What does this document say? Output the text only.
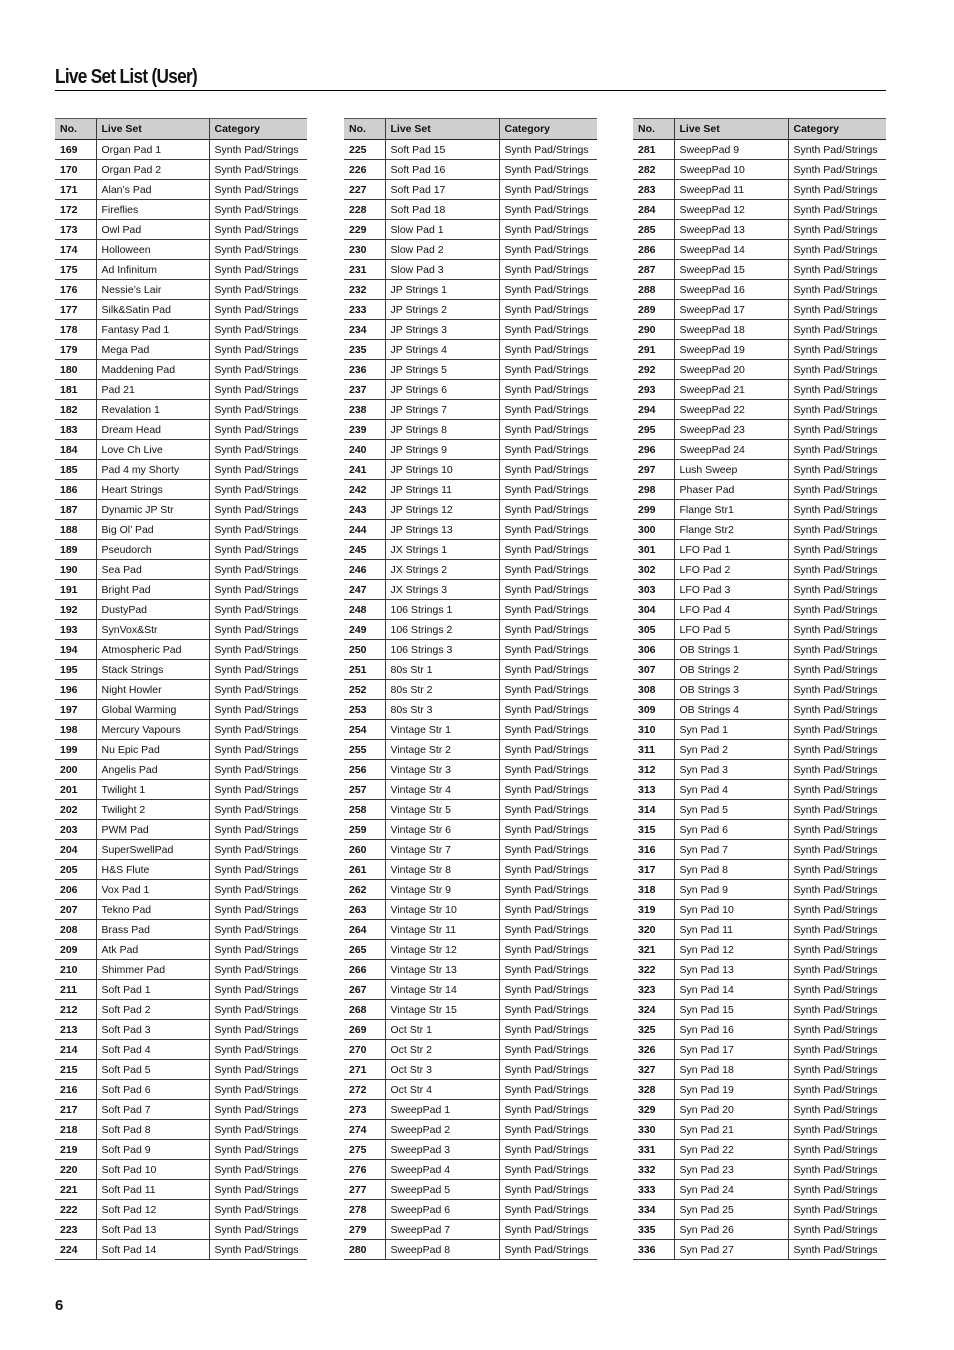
Live Set List (User)
No.	Live Set	Category
169	Organ Pad 1	Synth Pad/Strings
170	Organ Pad 2	Synth Pad/Strings
171	Alan’s Pad	Synth Pad/Strings
172	Fireflies	Synth Pad/Strings
173	Owl Pad	Synth Pad/Strings
174	Holloween	Synth Pad/Strings
175	Ad Infinitum	Synth Pad/Strings
176	Nessie’s Lair	Synth Pad/Strings
177	Silk&Satin Pad	Synth Pad/Strings
178	Fantasy Pad 1	Synth Pad/Strings
179	Mega Pad	Synth Pad/Strings
180	Maddening Pad	Synth Pad/Strings
181	Pad 21	Synth Pad/Strings
182	Revalation 1	Synth Pad/Strings
183	Dream Head	Synth Pad/Strings
184	Love Ch Live	Synth Pad/Strings
185	Pad 4 my Shorty	Synth Pad/Strings
186	Heart Strings	Synth Pad/Strings
187	Dynamic JP Str	Synth Pad/Strings
188	Big Ol’ Pad	Synth Pad/Strings
189	Pseudorch	Synth Pad/Strings
190	Sea Pad	Synth Pad/Strings
191	Bright Pad	Synth Pad/Strings
192	DustyPad	Synth Pad/Strings
193	SynVox&Str	Synth Pad/Strings
194	Atmospheric Pad	Synth Pad/Strings
195	Stack Strings	Synth Pad/Strings
196	Night Howler	Synth Pad/Strings
197	Global Warming	Synth Pad/Strings
198	Mercury Vapours	Synth Pad/Strings
199	Nu Epic Pad	Synth Pad/Strings
200	Angelis Pad	Synth Pad/Strings
201	Twilight 1	Synth Pad/Strings
202	Twilight 2	Synth Pad/Strings
203	PWM Pad	Synth Pad/Strings
204	SuperSwellPad	Synth Pad/Strings
205	H&S Flute	Synth Pad/Strings
206	Vox Pad 1	Synth Pad/Strings
207	Tekno Pad	Synth Pad/Strings
208	Brass Pad	Synth Pad/Strings
209	Atk Pad	Synth Pad/Strings
210	Shimmer Pad	Synth Pad/Strings
211	Soft Pad 1	Synth Pad/Strings
212	Soft Pad 2	Synth Pad/Strings
213	Soft Pad 3	Synth Pad/Strings
214	Soft Pad 4	Synth Pad/Strings
215	Soft Pad 5	Synth Pad/Strings
216	Soft Pad 6	Synth Pad/Strings
217	Soft Pad 7	Synth Pad/Strings
218	Soft Pad 8	Synth Pad/Strings
219	Soft Pad 9	Synth Pad/Strings
220	Soft Pad 10	Synth Pad/Strings
221	Soft Pad 11	Synth Pad/Strings
222	Soft Pad 12	Synth Pad/Strings
223	Soft Pad 13	Synth Pad/Strings
224	Soft Pad 14	Synth Pad/Strings
No.	Live Set	Category
225	Soft Pad 15	Synth Pad/Strings
226	Soft Pad 16	Synth Pad/Strings
227	Soft Pad 17	Synth Pad/Strings
228	Soft Pad 18	Synth Pad/Strings
229	Slow Pad 1	Synth Pad/Strings
230	Slow Pad 2	Synth Pad/Strings
231	Slow Pad 3	Synth Pad/Strings
232	JP Strings 1	Synth Pad/Strings
233	JP Strings 2	Synth Pad/Strings
234	JP Strings 3	Synth Pad/Strings
235	JP Strings 4	Synth Pad/Strings
236	JP Strings 5	Synth Pad/Strings
237	JP Strings 6	Synth Pad/Strings
238	JP Strings 7	Synth Pad/Strings
239	JP Strings 8	Synth Pad/Strings
240	JP Strings 9	Synth Pad/Strings
241	JP Strings 10	Synth Pad/Strings
242	JP Strings 11	Synth Pad/Strings
243	JP Strings 12	Synth Pad/Strings
244	JP Strings 13	Synth Pad/Strings
245	JX Strings 1	Synth Pad/Strings
246	JX Strings 2	Synth Pad/Strings
247	JX Strings 3	Synth Pad/Strings
248	106 Strings 1	Synth Pad/Strings
249	106 Strings 2	Synth Pad/Strings
250	106 Strings 3	Synth Pad/Strings
251	80s Str 1	Synth Pad/Strings
252	80s Str 2	Synth Pad/Strings
253	80s Str 3	Synth Pad/Strings
254	Vintage Str 1	Synth Pad/Strings
255	Vintage Str 2	Synth Pad/Strings
256	Vintage Str 3	Synth Pad/Strings
257	Vintage Str 4	Synth Pad/Strings
258	Vintage Str 5	Synth Pad/Strings
259	Vintage Str 6	Synth Pad/Strings
260	Vintage Str 7	Synth Pad/Strings
261	Vintage Str 8	Synth Pad/Strings
262	Vintage Str 9	Synth Pad/Strings
263	Vintage Str 10	Synth Pad/Strings
264	Vintage Str 11	Synth Pad/Strings
265	Vintage Str 12	Synth Pad/Strings
266	Vintage Str 13	Synth Pad/Strings
267	Vintage Str 14	Synth Pad/Strings
268	Vintage Str 15	Synth Pad/Strings
269	Oct Str 1	Synth Pad/Strings
270	Oct Str 2	Synth Pad/Strings
271	Oct Str 3	Synth Pad/Strings
272	Oct Str 4	Synth Pad/Strings
273	SweepPad 1	Synth Pad/Strings
274	SweepPad 2	Synth Pad/Strings
275	SweepPad 3	Synth Pad/Strings
276	SweepPad 4	Synth Pad/Strings
277	SweepPad 5	Synth Pad/Strings
278	SweepPad 6	Synth Pad/Strings
279	SweepPad 7	Synth Pad/Strings
280	SweepPad 8	Synth Pad/Strings
No.	Live Set	Category
281	SweepPad 9	Synth Pad/Strings
282	SweepPad 10	Synth Pad/Strings
283	SweepPad 11	Synth Pad/Strings
284	SweepPad 12	Synth Pad/Strings
285	SweepPad 13	Synth Pad/Strings
286	SweepPad 14	Synth Pad/Strings
287	SweepPad 15	Synth Pad/Strings
288	SweepPad 16	Synth Pad/Strings
289	SweepPad 17	Synth Pad/Strings
290	SweepPad 18	Synth Pad/Strings
291	SweepPad 19	Synth Pad/Strings
292	SweepPad 20	Synth Pad/Strings
293	SweepPad 21	Synth Pad/Strings
294	SweepPad 22	Synth Pad/Strings
295	SweepPad 23	Synth Pad/Strings
296	SweepPad 24	Synth Pad/Strings
297	Lush Sweep	Synth Pad/Strings
298	Phaser Pad	Synth Pad/Strings
299	Flange Str1	Synth Pad/Strings
300	Flange Str2	Synth Pad/Strings
301	LFO Pad 1	Synth Pad/Strings
302	LFO Pad 2	Synth Pad/Strings
303	LFO Pad 3	Synth Pad/Strings
304	LFO Pad 4	Synth Pad/Strings
305	LFO Pad 5	Synth Pad/Strings
306	OB Strings 1	Synth Pad/Strings
307	OB Strings 2	Synth Pad/Strings
308	OB Strings 3	Synth Pad/Strings
309	OB Strings 4	Synth Pad/Strings
310	Syn Pad 1	Synth Pad/Strings
311	Syn Pad 2	Synth Pad/Strings
312	Syn Pad 3	Synth Pad/Strings
313	Syn Pad 4	Synth Pad/Strings
314	Syn Pad 5	Synth Pad/Strings
315	Syn Pad 6	Synth Pad/Strings
316	Syn Pad 7	Synth Pad/Strings
317	Syn Pad 8	Synth Pad/Strings
318	Syn Pad 9	Synth Pad/Strings
319	Syn Pad 10	Synth Pad/Strings
320	Syn Pad 11	Synth Pad/Strings
321	Syn Pad 12	Synth Pad/Strings
322	Syn Pad 13	Synth Pad/Strings
323	Syn Pad 14	Synth Pad/Strings
324	Syn Pad 15	Synth Pad/Strings
325	Syn Pad 16	Synth Pad/Strings
326	Syn Pad 17	Synth Pad/Strings
327	Syn Pad 18	Synth Pad/Strings
328	Syn Pad 19	Synth Pad/Strings
329	Syn Pad 20	Synth Pad/Strings
330	Syn Pad 21	Synth Pad/Strings
331	Syn Pad 22	Synth Pad/Strings
332	Syn Pad 23	Synth Pad/Strings
333	Syn Pad 24	Synth Pad/Strings
334	Syn Pad 25	Synth Pad/Strings
335	Syn Pad 26	Synth Pad/Strings
336	Syn Pad 27	Synth Pad/Strings
6
